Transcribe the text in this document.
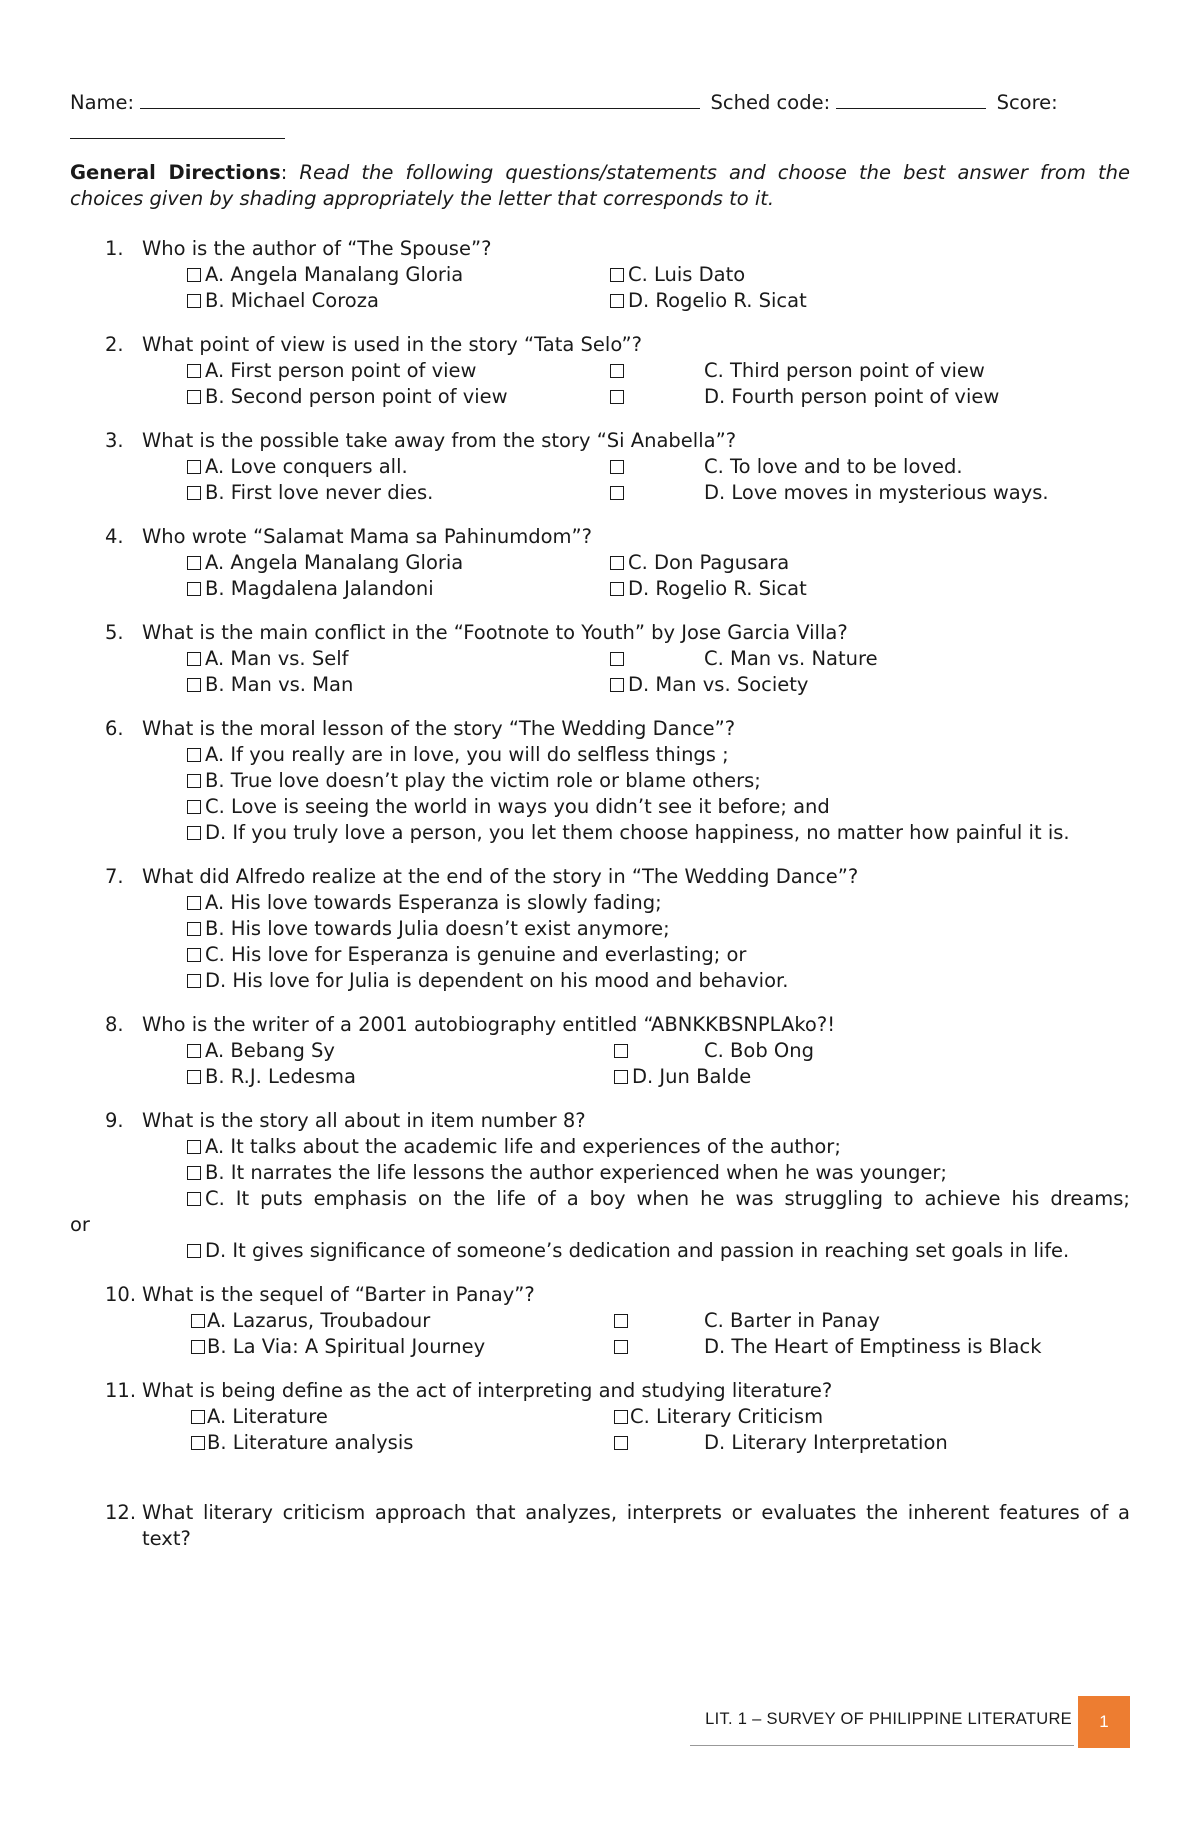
Name:	Sched code:	Score:
General Directions: Read the following questions/statements and choose the best answer from the choices given by shading appropriately the letter that corresponds to it.
1. Who is the author of “The Spouse”?
A. Angela Manalang Gloria	C. Luis Dato
B. Michael Coroza	D. Rogelio R. Sicat
2. What point of view is used in the story “Tata Selo”?
A. First person point of view	C. Third person point of view
B. Second person point of view	D. Fourth person point of view
3. What is the possible take away from the story “Si Anabella”?
A. Love conquers all.	C. To love and to be loved.
B. First love never dies.	D. Love moves in mysterious ways.
4. Who wrote “Salamat Mama sa Pahinumdom”?
A. Angela Manalang Gloria	C. Don Pagusara
B. Magdalena Jalandoni	D. Rogelio R. Sicat
5. What is the main conflict in the “Footnote to Youth” by Jose Garcia Villa?
A. Man vs. Self	C. Man vs. Nature
B. Man vs. Man	D. Man vs. Society
6. What is the moral lesson of the story “The Wedding Dance”?
A. If you really are in love, you will do selfless things ;
B. True love doesn’t play the victim role or blame others;
C. Love is seeing the world in ways you didn’t see it before; and
D. If you truly love a person, you let them choose happiness, no matter how painful it is.
7. What did Alfredo realize at the end of the story in “The Wedding Dance”?
A. His love towards Esperanza is slowly fading;
B. His love towards Julia doesn’t exist anymore;
C. His love for Esperanza is genuine and everlasting; or
D. His love for Julia is dependent on his mood and behavior.
8. Who is the writer of a 2001 autobiography entitled “ABNKKBSNPLAko?!
A. Bebang Sy	C. Bob Ong
B. R.J. Ledesma	D. Jun Balde
9. What is the story all about in item number 8?
A. It talks about the academic life and experiences of the author;
B. It narrates the life lessons the author experienced when he was younger;
C. It puts emphasis on the life of a boy when he was struggling to achieve his dreams;
or
D. It gives significance of someone’s dedication and passion in reaching set goals in life.
10. What is the sequel of “Barter in Panay”?
A. Lazarus, Troubadour	C. Barter in Panay
B. La Via: A Spiritual Journey	D. The Heart of Emptiness is Black
11. What is being define as the act of interpreting and studying literature?
A. Literature	C. Literary Criticism
B. Literature analysis	D. Literary Interpretation
12. What literary criticism approach that analyzes, interprets or evaluates the inherent features of a text?
LIT. 1 – SURVEY OF PHILIPPINE LITERATURE	1
